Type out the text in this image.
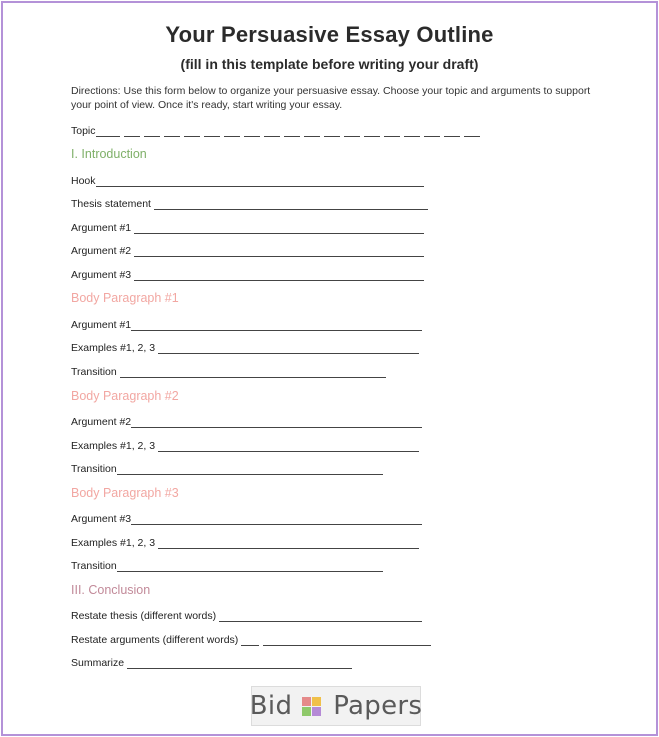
Your Persuasive Essay Outline
(fill in this template before writing your draft)
Directions: Use this form below to organize your persuasive essay. Choose your topic and arguments to support your point of view. Once it's ready, start writing your essay.
Topic
I. Introduction
Hook
Thesis statement
Argument #1
Argument #2
Argument #3
Body Paragraph #1
Argument #1
Examples #1, 2, 3
Transition
Body Paragraph #2
Argument #2
Examples #1, 2, 3
Transition
Body Paragraph #3
Argument #3
Examples #1, 2, 3
Transition
III. Conclusion
Restate thesis (different words)
Restate arguments (different words)
Summarize
Bid Papers
